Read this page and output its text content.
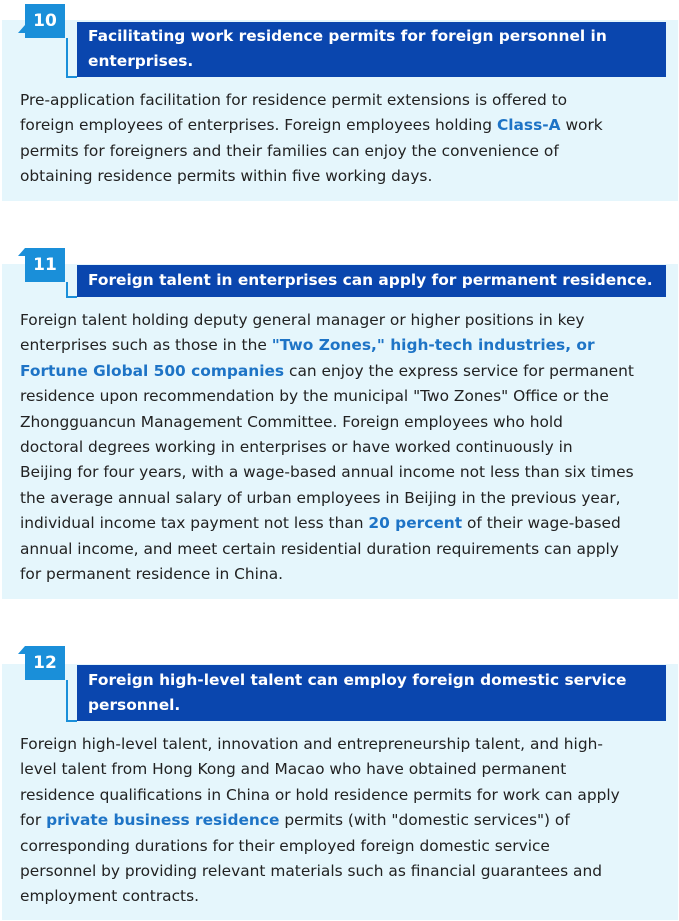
10
Facilitating work residence permits for foreign personnel in
enterprises.

Pre-application facilitation for residence permit extensions is offered to
foreign employees of enterprises. Foreign employees holding Class-A work
permits for foreigners and their families can enjoy the convenience of
obtaining residence permits within five working days.

11
Foreign talent in enterprises can apply for permanent residence.

Foreign talent holding deputy general manager or higher positions in key
enterprises such as those in the "Two Zones," high-tech industries, or
Fortune Global 500 companies can enjoy the express service for permanent
residence upon recommendation by the municipal "Two Zones" Office or the
Zhongguancun Management Committee. Foreign employees who hold
doctoral degrees working in enterprises or have worked continuously in
Beijing for four years, with a wage-based annual income not less than six times
the average annual salary of urban employees in Beijing in the previous year,
individual income tax payment not less than 20 percent of their wage-based
annual income, and meet certain residential duration requirements can apply
for permanent residence in China.

12
Foreign high-level talent can employ foreign domestic service
personnel.

Foreign high-level talent, innovation and entrepreneurship talent, and high-
level talent from Hong Kong and Macao who have obtained permanent
residence qualifications in China or hold residence permits for work can apply
for private business residence permits (with "domestic services") of
corresponding durations for their employed foreign domestic service
personnel by providing relevant materials such as financial guarantees and
employment contracts.
